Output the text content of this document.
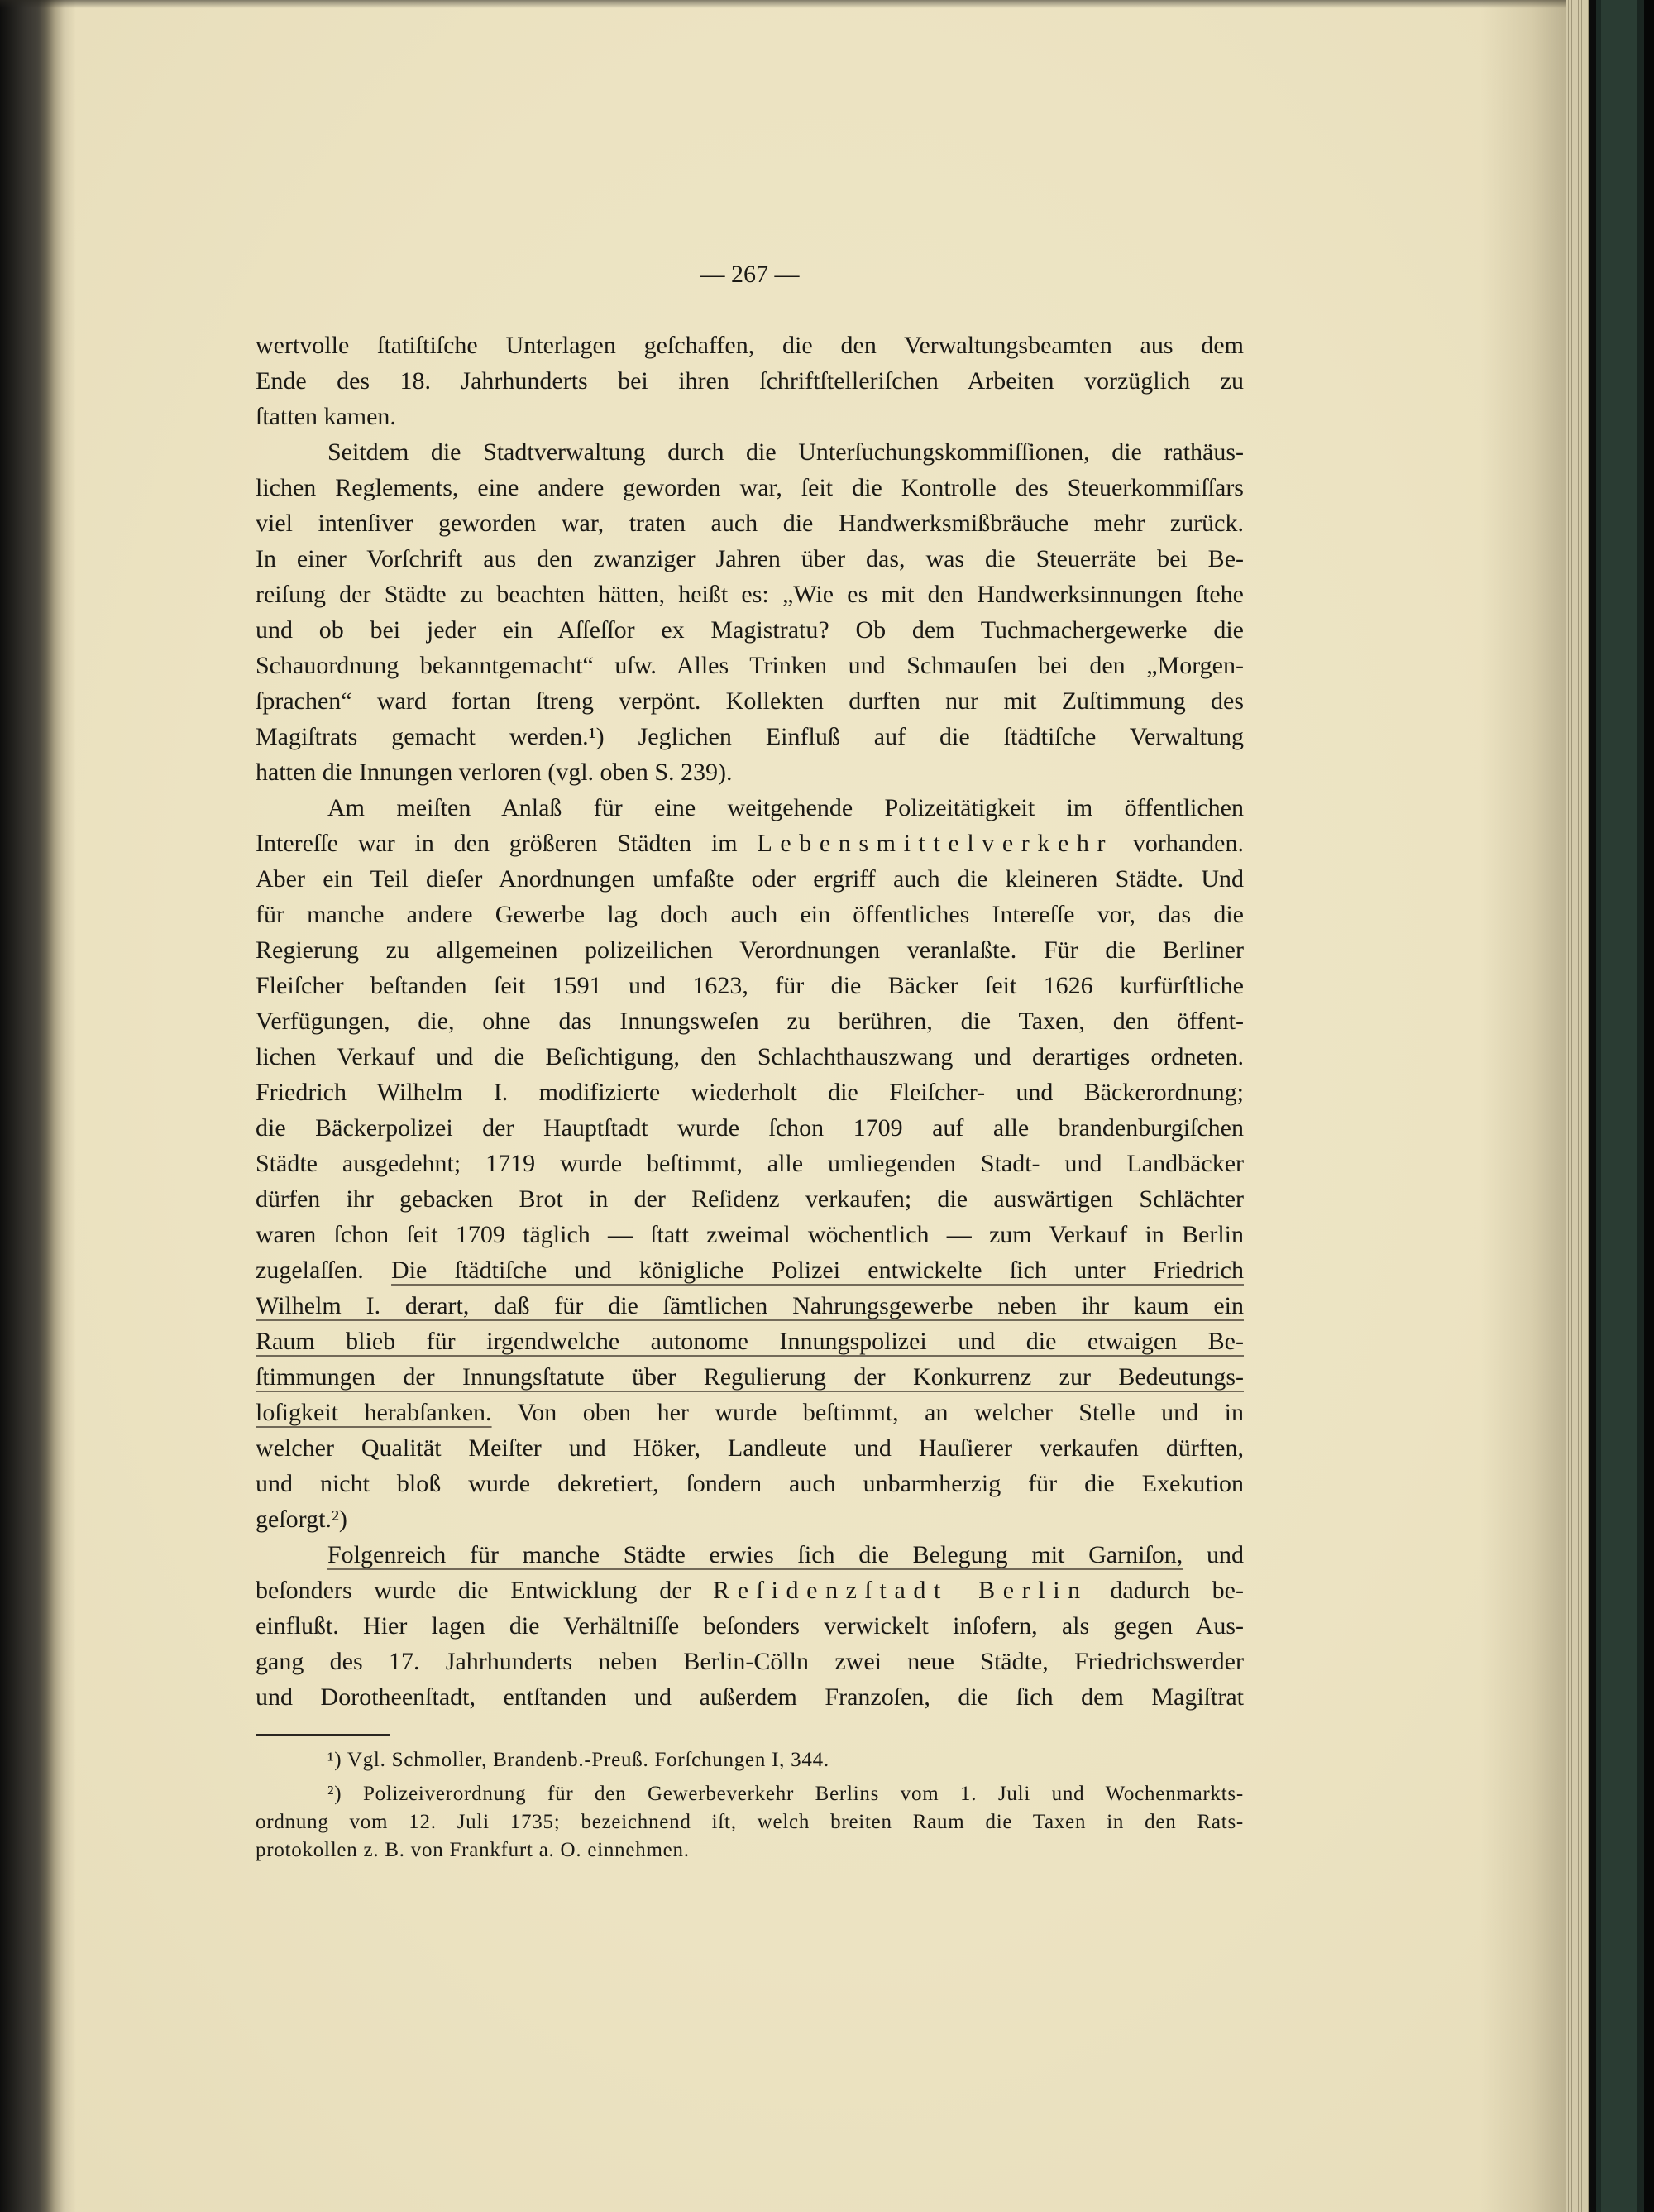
— 267 —
wertvolle ſtatiſtiſche Unterlagen geſchaffen, die den Verwaltungsbeamten aus dem
Ende des 18. Jahrhunderts bei ihren ſchriftſtelleriſchen Arbeiten vorzüglich zu
ſtatten kamen.
Seitdem die Stadtverwaltung durch die Unterſuchungskommiſſionen, die rathäus-
lichen Reglements, eine andere geworden war, ſeit die Kontrolle des Steuerkommiſſars
viel intenſiver geworden war, traten auch die Handwerksmißbräuche mehr zurück.
In einer Vorſchrift aus den zwanziger Jahren über das, was die Steuerräte bei Be-
reiſung der Städte zu beachten hätten, heißt es: „Wie es mit den Handwerksinnungen ſtehe
und ob bei jeder ein Aſſeſſor ex Magistratu? Ob dem Tuchmachergewerke die
Schauordnung bekanntgemacht“ uſw. Alles Trinken und Schmauſen bei den „Morgen-
ſprachen“ ward fortan ſtreng verpönt. Kollekten durften nur mit Zuſtimmung des
Magiſtrats gemacht werden.¹) Jeglichen Einfluß auf die ſtädtiſche Verwaltung
hatten die Innungen verloren (vgl. oben S. 239).
Am meiſten Anlaß für eine weitgehende Polizeitätigkeit im öffentlichen
Intereſſe war in den größeren Städten im Lebensmittelverkehr vorhanden.
Aber ein Teil dieſer Anordnungen umfaßte oder ergriff auch die kleineren Städte. Und
für manche andere Gewerbe lag doch auch ein öffentliches Intereſſe vor, das die
Regierung zu allgemeinen polizeilichen Verordnungen veranlaßte. Für die Berliner
Fleiſcher beſtanden ſeit 1591 und 1623, für die Bäcker ſeit 1626 kurfürſtliche
Verfügungen, die, ohne das Innungsweſen zu berühren, die Taxen, den öffent-
lichen Verkauf und die Beſichtigung, den Schlachthauszwang und derartiges ordneten.
Friedrich Wilhelm I. modifizierte wiederholt die Fleiſcher- und Bäckerordnung;
die Bäckerpolizei der Hauptſtadt wurde ſchon 1709 auf alle brandenburgiſchen
Städte ausgedehnt; 1719 wurde beſtimmt, alle umliegenden Stadt- und Landbäcker
dürfen ihr gebacken Brot in der Reſidenz verkaufen; die auswärtigen Schlächter
waren ſchon ſeit 1709 täglich — ſtatt zweimal wöchentlich — zum Verkauf in Berlin
zugelaſſen. Die ſtädtiſche und königliche Polizei entwickelte ſich unter Friedrich
Wilhelm I. derart, daß für die ſämtlichen Nahrungsgewerbe neben ihr kaum ein
Raum blieb für irgendwelche autonome Innungspolizei und die etwaigen Be-
ſtimmungen der Innungsſtatute über Regulierung der Konkurrenz zur Bedeutungs-
loſigkeit herabſanken. Von oben her wurde beſtimmt, an welcher Stelle und in
welcher Qualität Meiſter und Höker, Landleute und Hauſierer verkaufen dürften,
und nicht bloß wurde dekretiert, ſondern auch unbarmherzig für die Exekution
geſorgt.²)
Folgenreich für manche Städte erwies ſich die Belegung mit Garniſon, und
beſonders wurde die Entwicklung der Reſidenzſtadt Berlin dadurch be-
einflußt. Hier lagen die Verhältniſſe beſonders verwickelt inſofern, als gegen Aus-
gang des 17. Jahrhunderts neben Berlin-Cölln zwei neue Städte, Friedrichswerder
und Dorotheenſtadt, entſtanden und außerdem Franzoſen, die ſich dem Magiſtrat
¹) Vgl. Schmoller, Brandenb.-Preuß. Forſchungen I, 344.
²) Polizeiverordnung für den Gewerbeverkehr Berlins vom 1. Juli und Wochenmarkts-
ordnung vom 12. Juli 1735; bezeichnend iſt, welch breiten Raum die Taxen in den Rats-
protokollen z. B. von Frankfurt a. O. einnehmen.
